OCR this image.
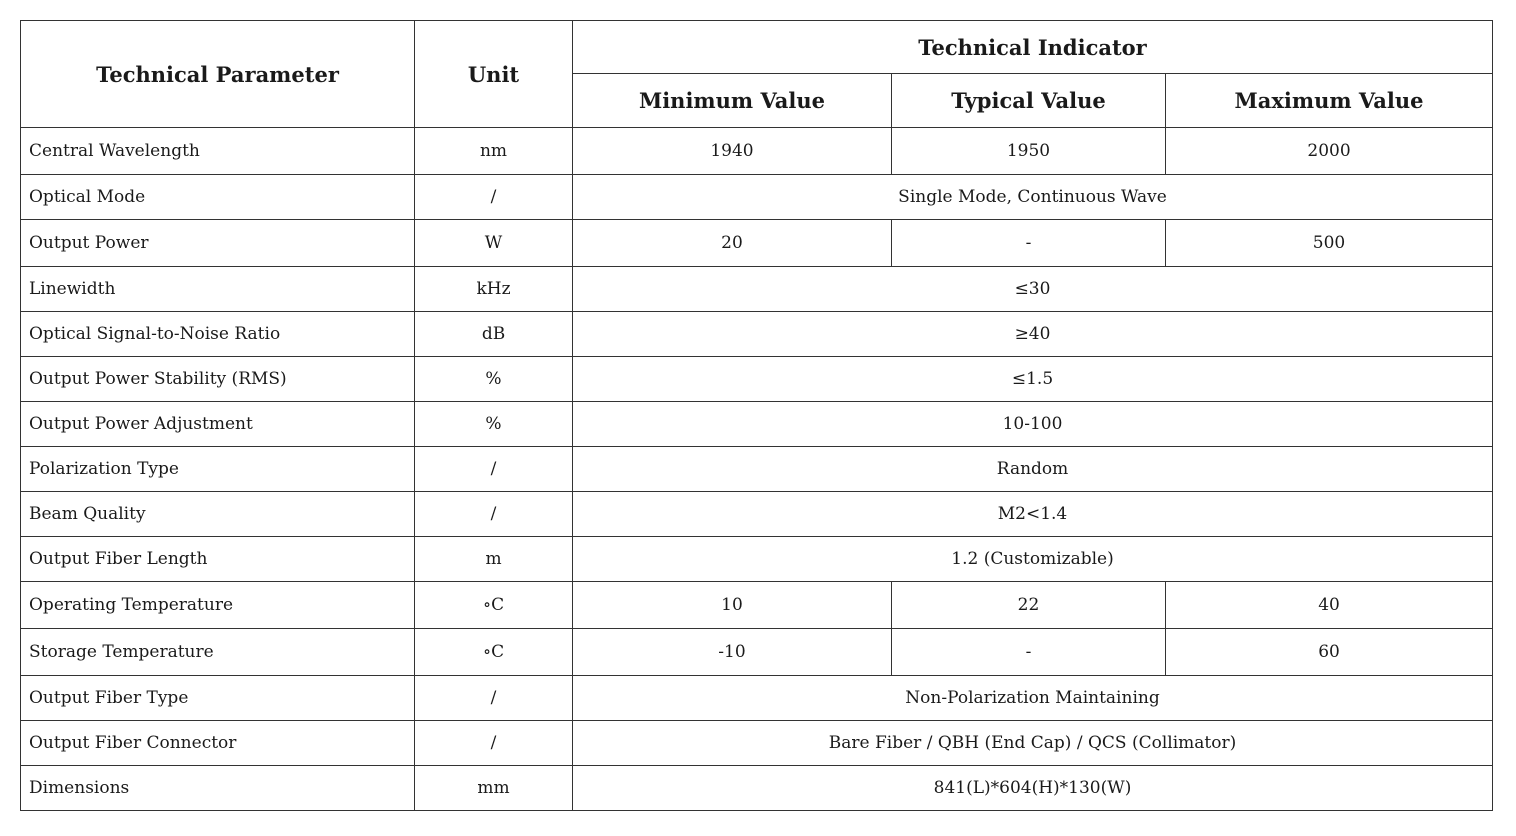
Technical Parameter	Unit	Technical Indicator		
		Minimum Value	Typical Value	Maximum Value
Central Wavelength	nm	1940	1950	2000
Optical Mode	/	Single Mode, Continuous Wave		
Output Power	W	20	-	500
Linewidth	kHz	≤30		
Optical Signal-to-Noise Ratio	dB	≥40		
Output Power Stability (RMS)	%	≤1.5		
Output Power Adjustment	%	10-100		
Polarization Type	/	Random		
Beam Quality	/	M2<1.4		
Output Fiber Length	m	1.2 (Customizable)		
Operating Temperature	∘C	10	22	40
Storage Temperature	∘C	-10	-	60
Output Fiber Type	/	Non-Polarization Maintaining		
Output Fiber Connector	/	Bare Fiber / QBH (End Cap) / QCS (Collimator)		
Dimensions	mm	841(L)*604(H)*130(W)		
